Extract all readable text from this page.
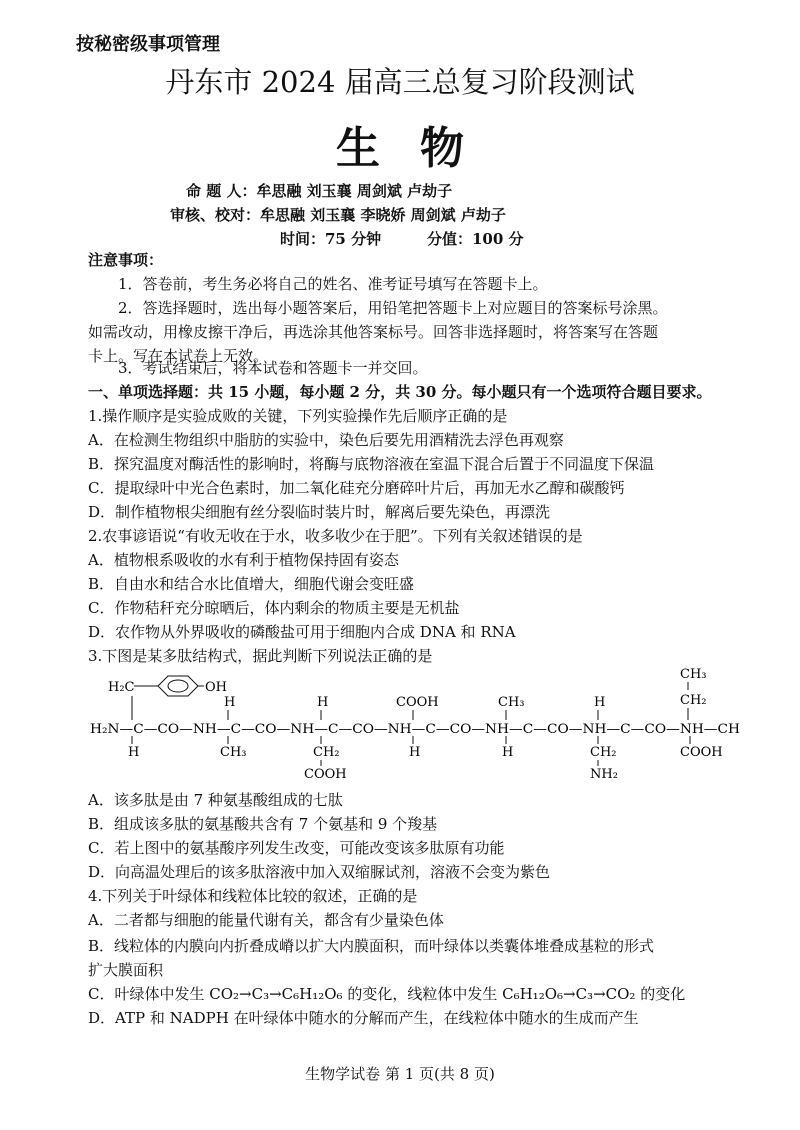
按秘密级事项管理
丹东市 2024 届高三总复习阶段测试
生物
命 题 人：牟思融 刘玉襄 周剑斌 卢劫子
审核、校对：牟思融 刘玉襄 李晓娇 周剑斌 卢劫子
时间：75 分钟	分值：100 分
注意事项：
1．答卷前，考生务必将自己的姓名、准考证号填写在答题卡上。
2．答选择题时，选出每小题答案后，用铅笔把答题卡上对应题目的答案标号涂黑。
如需改动，用橡皮擦干净后，再选涂其他答案标号。回答非选择题时，将答案写在答题
卡上。写在本试卷上无效。
3．考试结束后，将本试卷和答题卡一并交回。
一、单项选择题：共 15 小题，每小题 2 分，共 30 分。每小题只有一个选项符合题目要求。
1.操作顺序是实验成败的关键，下列实验操作先后顺序正确的是
A．在检测生物组织中脂肪的实验中，染色后要先用酒精洗去浮色再观察
B．探究温度对酶活性的影响时，将酶与底物溶液在室温下混合后置于不同温度下保温
C．提取绿叶中光合色素时，加二氧化硅充分磨碎叶片后，再加无水乙醇和碳酸钙
D．制作植物根尖细胞有丝分裂临时装片时，解离后要先染色，再漂洗
2.农事谚语说“有收无收在于水，收多收少在于肥”。下列有关叙述错误的是
A．植物根系吸收的水有利于植物保持固有姿态
B．自由水和结合水比值增大，细胞代谢会变旺盛
C．作物秸秆充分晾晒后，体内剩余的物质主要是无机盐
D．农作物从外界吸收的磷酸盐可用于细胞内合成 DNA 和 RNA
3.下图是某多肽结构式，据此判断下列说法正确的是
H₂C	OH
H	H	COOH	CH₃	H
CH₃
CH₂
H₂N—C—CO—NH—C—CO—NH—C—CO—NH—C—CO—NH—C—CO—NH—C—CO—NH—CH
H	CH₃	CH₂
COOH
H	H	CH₂
NH₂
COOH
A．该多肽是由 7 种氨基酸组成的七肽
B．组成该多肽的氨基酸共含有 7 个氨基和 9 个羧基
C．若上图中的氨基酸序列发生改变，可能改变该多肽原有功能
D．向高温处理后的该多肽溶液中加入双缩脲试剂，溶液不会变为紫色
4.下列关于叶绿体和线粒体比较的叙述，正确的是
A．二者都与细胞的能量代谢有关，都含有少量染色体
B．线粒体的内膜向内折叠成嵴以扩大内膜面积，而叶绿体以类囊体堆叠成基粒的形式
扩大膜面积
C．叶绿体中发生 CO₂→C₃→C₆H₁₂O₆ 的变化，线粒体中发生 C₆H₁₂O₆→C₃→CO₂ 的变化
D．ATP 和 NADPH 在叶绿体中随水的分解而产生，在线粒体中随水的生成而产生
生物学试卷 第 1 页(共 8 页)
